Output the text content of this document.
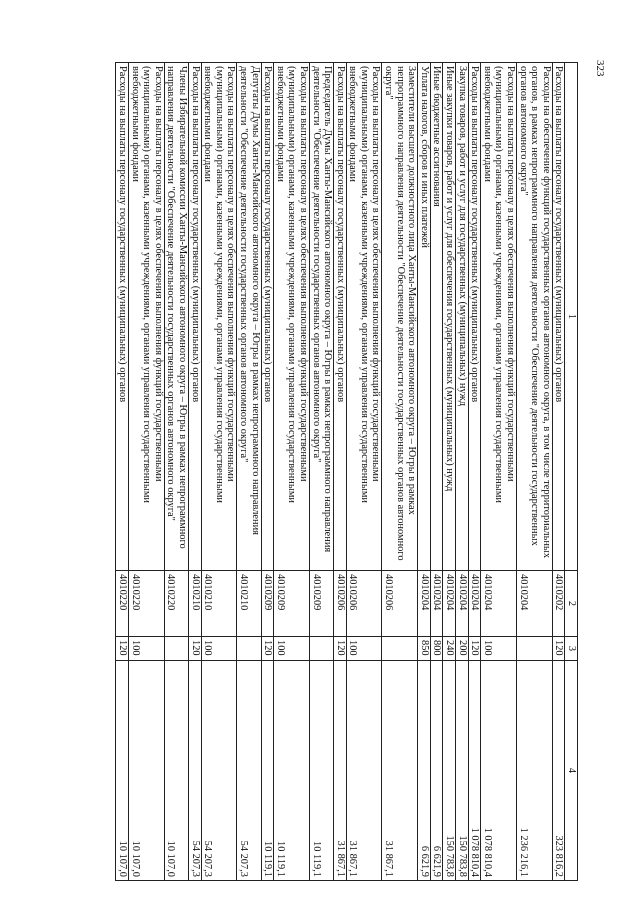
323
1	2	3	4
Расходы на выплаты персоналу государственных (муниципальных) органов	4010202	120	323 816,2
Расходы на обеспечение функций государственных органов автономного округа, в том числе территориальных органов, в рамках непрограммного направления деятельности "Обеспечение деятельности государственных органов автономного округа"	4010204		1 236 216,1
Расходы на выплаты персоналу в целях обеспечения выполнения функций государственными (муниципальными) органами, казенными учреждениями, органами управления государственными внебюджетными фондами	4010204	100	1 078 810,4
Расходы на выплаты персоналу государственных (муниципальных) органов	4010204	120	1 078 810,4
Закупка товаров, работ и услуг для государственных (муниципальных) нужд	4010204	200	150 783,8
Иные закупки товаров, работ и услуг для обеспечения государственных (муниципальных) нужд	4010204	240	150 783,8
Иные бюджетные ассигнования	4010204	800	6 621,9
Уплата налогов, сборов и иных платежей	4010204	850	6 621,9
Заместители высшего должностного лица Ханты-Мансийского автономного округа – Югры в рамках непрограммного направления деятельности "Обеспечение деятельности государственных органов автономного округа"	4010206		31 867,1
Расходы на выплаты персоналу в целях обеспечения выполнения функций государственными (муниципальными) органами, казенными учреждениями, органами управления государственными внебюджетными фондами	4010206	100	31 867,1
Расходы на выплаты персоналу государственных (муниципальных) органов	4010206	120	31 867,1
Председатель Думы Ханты-Мансийского автономного округа – Югры в рамках непрограммного направления деятельности "Обеспечение деятельности государственных органов автономного округа"	4010209		10 119,1
Расходы на выплаты персоналу в целях обеспечения выполнения функций государственными (муниципальными) органами, казенными учреждениями, органами управления государственными внебюджетными фондами	4010209	100	10 119,1
Расходы на выплаты персоналу государственных (муниципальных) органов	4010209	120	10 119,1
Депутаты Думы Ханты-Мансийского автономного округа – Югры в рамках непрограммного направления деятельности "Обеспечение деятельности государственных органов автономного округа"	4010210		54 207,3
Расходы на выплаты персоналу в целях обеспечения выполнения функций государственными (муниципальными) органами, казенными учреждениями, органами управления государственными внебюджетными фондами	4010210	100	54 207,3
Расходы на выплаты персоналу государственных (муниципальных) органов	4010210	120	54 207,3
Члены Избирательной комиссии Ханты-Мансийского автономного округа – Югры в рамках непрограммного направления деятельности "Обеспечение деятельности государственных органов автономного округа"	4010220		10 107,0
Расходы на выплаты персоналу в целях обеспечения выполнения функций государственными (муниципальными) органами, казенными учреждениями, органами управления государственными внебюджетными фондами	4010220	100	10 107,0
Расходы на выплаты персоналу государственных (муниципальных) органов	4010220	120	10 107,0
